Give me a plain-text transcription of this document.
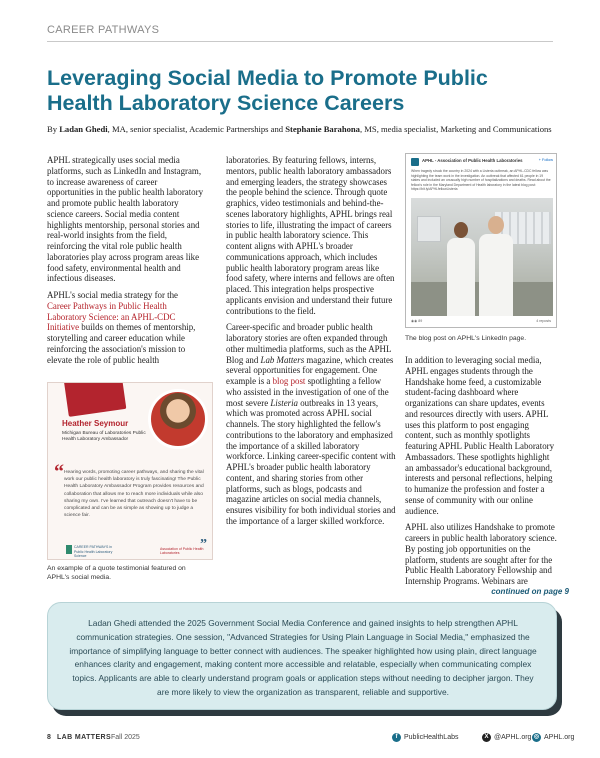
CAREER PATHWAYS
Leveraging Social Media to Promote Public Health Laboratory Science Careers
By Ladan Ghedi, MA, senior specialist, Academic Partnerships and Stephanie Barahona, MS, media specialist, Marketing and Communications

APHL strategically uses social media platforms, such as LinkedIn and Instagram, to increase awareness of career opportunities in the public health laboratory and promote public health laboratory science careers. Social media content highlights mentorship, personal stories and real-world insights from the field, reinforcing the vital role public health laboratories play across program areas like food safety, environmental health and infectious diseases.

APHL's social media strategy for the Career Pathways in Public Health Laboratory Science: an APHL-CDC Initiative builds on themes of mentorship, storytelling and career education while reinforcing the association's mission to elevate the role of public health

Heather Seymour
Michigan Bureau of Laboratories Public Health Laboratory Ambassador
“ Hearing words, promoting career pathways, and sharing the vital work our public health laboratory is truly fascinating! The Public Health Laboratory Ambassador Program provides resources and collaboration that allows me to reach more individuals while also sharing my own. I've learned that outreach doesn't have to be complicated and can be as simple as showing up to judge a science fair.
”
CAREER PATHWAYS in Public Health Laboratory Science
Association of Public Health Laboratories
An example of a quote testimonial featured on APHL's social media.

laboratories. By featuring fellows, interns, mentors, public health laboratory ambassadors and emerging leaders, the strategy showcases the people behind the science. Through quote graphics, video testimonials and behind-the-scenes laboratory highlights, APHL brings real stories to life, illustrating the impact of careers in public health laboratory science. This content aligns with APHL's broader communications approach, which includes public health laboratory program areas like food safety, where interns and fellows are often placed. This integration helps prospective applicants envision and understand their future contributions to the field.

Career-specific and broader public health laboratory stories are often expanded through other multimedia platforms, such as the APHL Blog and Lab Matters magazine, which creates several opportunities for engagement. One example is a blog post spotlighting a fellow who assisted in the investigation of one of the most severe Listeria outbreaks in 13 years, which was promoted across APHL social channels. The story highlighted the fellow's contributions to the laboratory and emphasized the importance of a skilled laboratory workforce. Linking career-specific content with APHL's broader public health laboratory content, and sharing stories from other platforms, such as blogs, podcasts and magazine articles on social media channels, ensures visibility for both individual stories and the importance of a larger skilled workforce.

APHL - Association of Public Health Laboratories	+ Follow
When tragedy struck the country in 2024 with a Listeria outbreak, an APHL-CDC fellow was highlighting the team work in the investigation. An outbreak that affected 61 people in 19 states and included an unusually high number of hospitalizations and deaths. Read about the fellow's role in the Maryland Department of Health laboratory in the latest blog post: https://bit.ly/APHLfellowListeria
◉◉ 89	4 reposts
The blog post on APHL's LinkedIn page.

In addition to leveraging social media, APHL engages students through the Handshake home feed, a customizable student-facing dashboard where organizations can share updates, events and resources directly with users. APHL uses this platform to post engaging content, such as monthly spotlights featuring APHL Public Health Laboratory Ambassadors. These spotlights highlight an ambassador's educational background, interests and personal reflections, helping to humanize the profession and foster a sense of community with our online audience.

APHL also utilizes Handshake to promote careers in public health laboratory science. By posting job opportunities on the platform, students are sought after for the Public Health Laboratory Fellowship and Internship Programs. Webinars are

continued on page 9

Ladan Ghedi attended the 2025 Government Social Media Conference and gained insights to help strengthen APHL communication strategies. One session, "Advanced Strategies for Using Plain Language in Social Media," emphasized the importance of simplifying language to better connect with audiences. The speaker highlighted how using plain, direct language enhances clarity and engagement, making content more accessible and relatable, especially when communicating complex topics. Applicants are able to clearly understand program goals or application steps without needing to decipher jargon. They are more likely to view the organization as transparent, reliable and supportive.

8 LAB MATTERS Fall 2025	f PublicHealthLabs	X @APHL.org ◎ APHL.org
